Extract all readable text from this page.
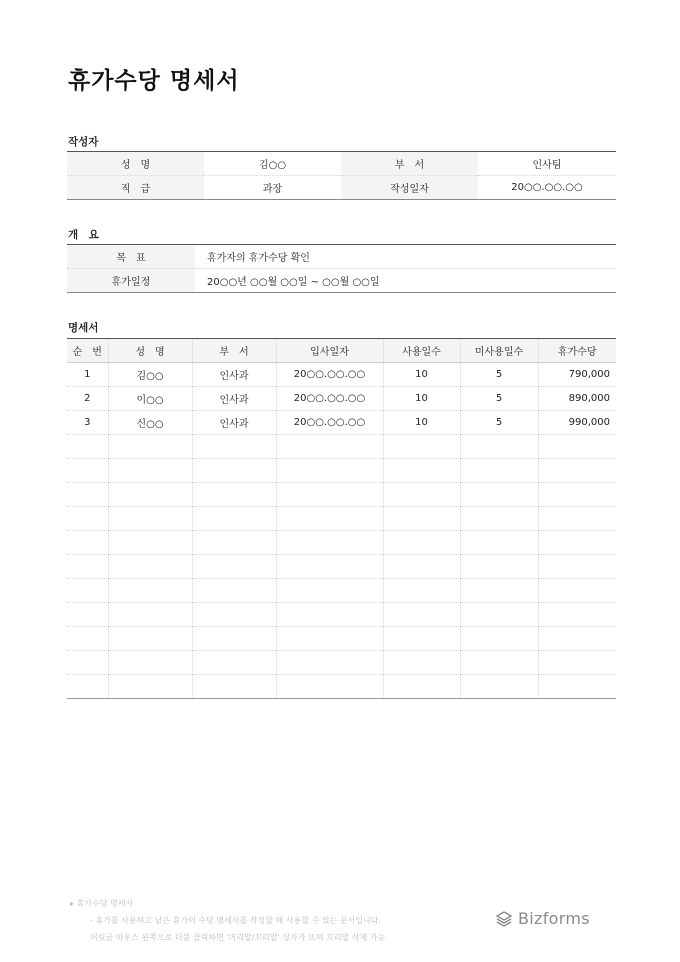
휴가수당 명세서
작성자
성　명	김○○	부　서	인사팀
직　급	과장	작성일자	20○○.○○.○○
개　요
목　표	휴가자의 휴가수당 확인
휴가일정	20○○년 ○○월 ○○일 ~ ○○월 ○○일
명세서
순　번	성　명	부　서	입사일자	사용일수	미사용일수	휴가수당
1	김○○	인사과	20○○.○○.○○	10	5	790,000
2	이○○	인사과	20○○.○○.○○	10	5	890,000
3	신○○	인사과	20○○.○○.○○	10	5	990,000

▸ 휴가수당 명세서
- 휴가를 사용하고 남은 휴가의 수당 명세서를 작성할 때 사용할 수 있는 문서입니다.
머릿글 마우스 왼쪽으로 더블 클릭하면 '머리말/꼬리말' 상자가 뜨며 꼬리말 삭제 가능
Bizforms
